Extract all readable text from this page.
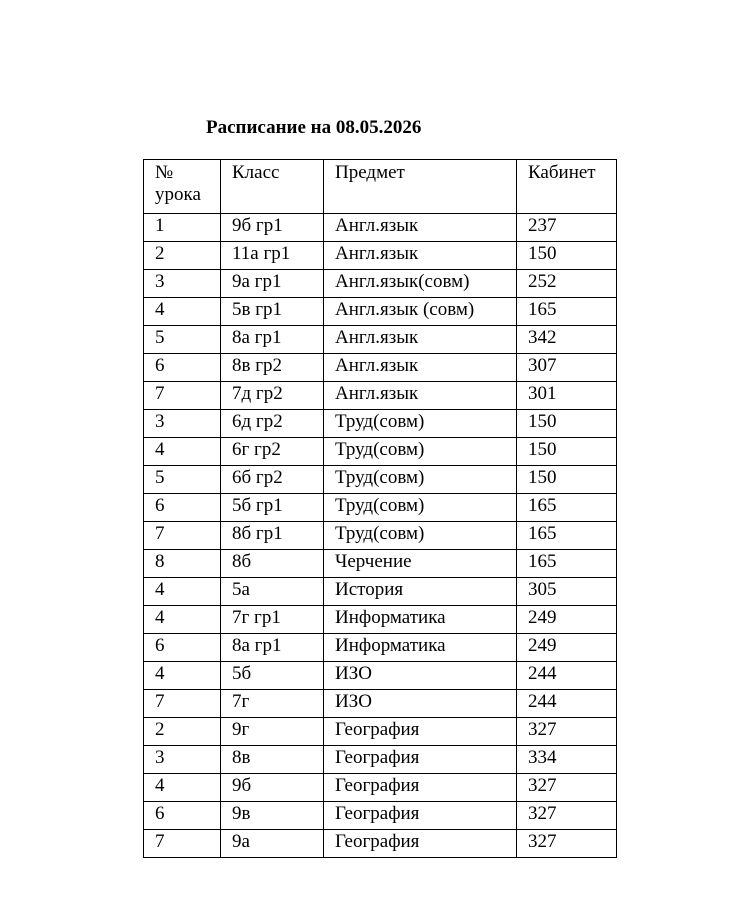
Расписание на 08.05.2026
№ урока	Класс	Предмет	Кабинет
1	9б гр1	Англ.язык	237
2	11а гр1	Англ.язык	150
3	9а гр1	Англ.язык(совм)	252
4	5в гр1	Англ.язык (совм)	165
5	8а гр1	Англ.язык	342
6	8в гр2	Англ.язык	307
7	7д гр2	Англ.язык	301
3	6д гр2	Труд(совм)	150
4	6г гр2	Труд(совм)	150
5	6б гр2	Труд(совм)	150
6	5б гр1	Труд(совм)	165
7	8б гр1	Труд(совм)	165
8	8б	Черчение	165
4	5а	История	305
4	7г гр1	Информатика	249
6	8а гр1	Информатика	249
4	5б	ИЗО	244
7	7г	ИЗО	244
2	9г	География	327
3	8в	География	334
4	9б	География	327
6	9в	География	327
7	9а	География	327
